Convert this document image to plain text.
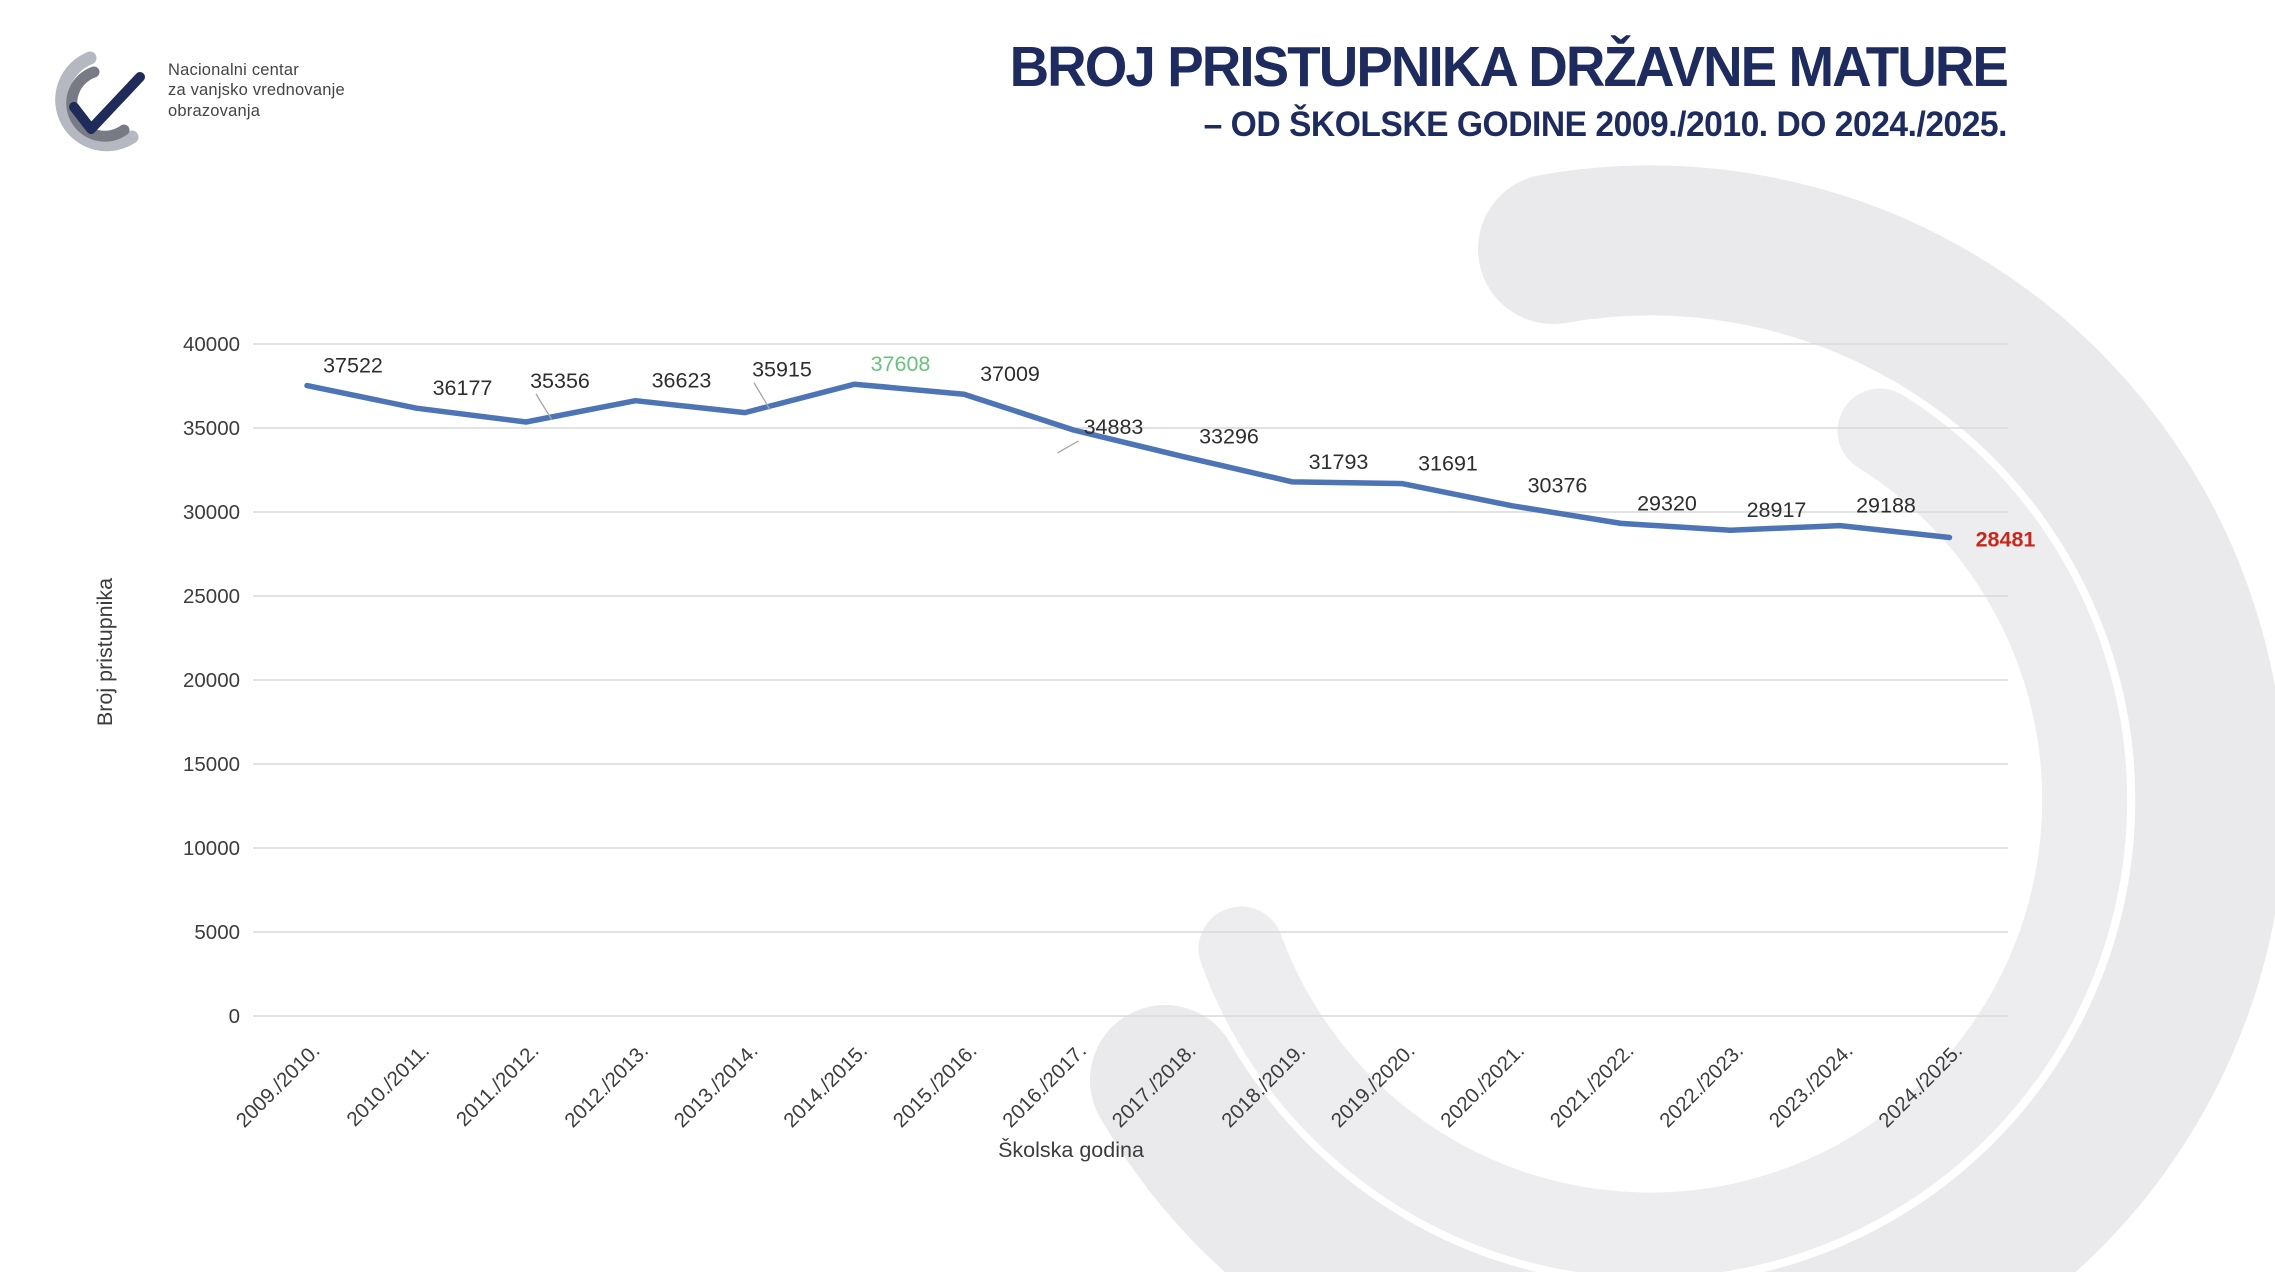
0
5000
10000
15000
20000
25000
30000
35000
40000
37522
36177 35356	36623 35915	37608 37009
34883	33296
31793 31691
30376
29320 28917 29188
28481
2009./2010. 2010./2011. 2011./2012. 2012./2013. 2013./2014. 2014./2015. 2015./2016. 2016./2017. 2017./2018. 2018./2019. 2019./2020. 2020./2021. 2021./2022. 2022./2023. 2023./2024. 2024./2025.
Školska godina
Broj pristupnika
Nacionalni centar
za vanjsko vrednovanje
obrazovanja
BROJ PRISTUPNIKA DRŽAVNE MATURE
– OD ŠKOLSKE GODINE 2009./2010. DO 2024./2025.
